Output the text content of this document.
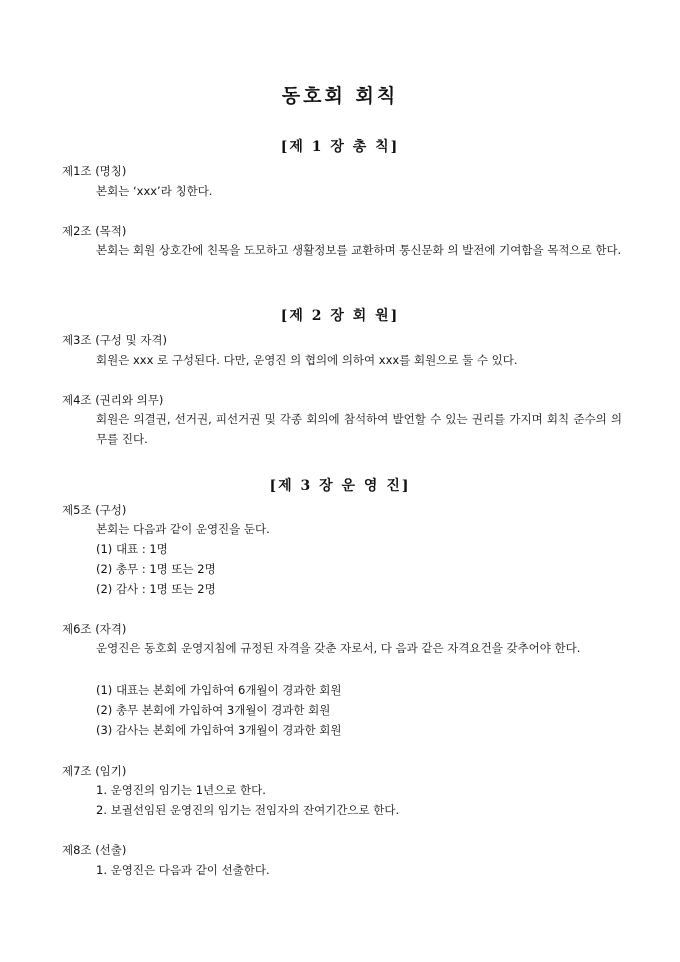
동호회 회칙
[제 1 장 총 칙]
제1조 (명칭)
본회는 ‘xxx’라 칭한다.
제2조 (목적)
본회는 회원 상호간에 친목을 도모하고 생활정보를 교환하며 통신문화 의 발전에 기여함을 목적으로 한다.
[제 2 장 회 원]
제3조 (구성 및 자격)
회원은 xxx 로 구성된다. 다만, 운영진 의 협의에 의하여 xxx를 회원으로 둘 수 있다.
제4조 (권리와 의무)
회원은 의결권, 선거권, 피선거권 및 각종 회의에 참석하여 발언할 수 있는 권리를 가지며 회칙 준수의 의무를 진다.
[제 3 장 운 영 진]
제5조 (구성)
본회는 다음과 같이 운영진을 둔다.
(1) 대표 : 1명
(2) 총무 : 1명 또는 2명
(2) 감사 : 1명 또는 2명
제6조 (자격)
운영진은 동호회 운영지침에 규정된 자격을 갖춘 자로서, 다 음과 같은 자격요건을 갖추어야 한다.
(1) 대표는 본회에 가입하여 6개월이 경과한 회원
(2) 총무 본회에 가입하여 3개월이 경과한 회원
(3) 감사는 본회에 가입하여 3개월이 경과한 회원
제7조 (임기)
1. 운영진의 임기는 1년으로 한다.
2. 보궐선임된 운영진의 임기는 전임자의 잔여기간으로 한다.
제8조 (선출)
1. 운영진은 다음과 같이 선출한다.
